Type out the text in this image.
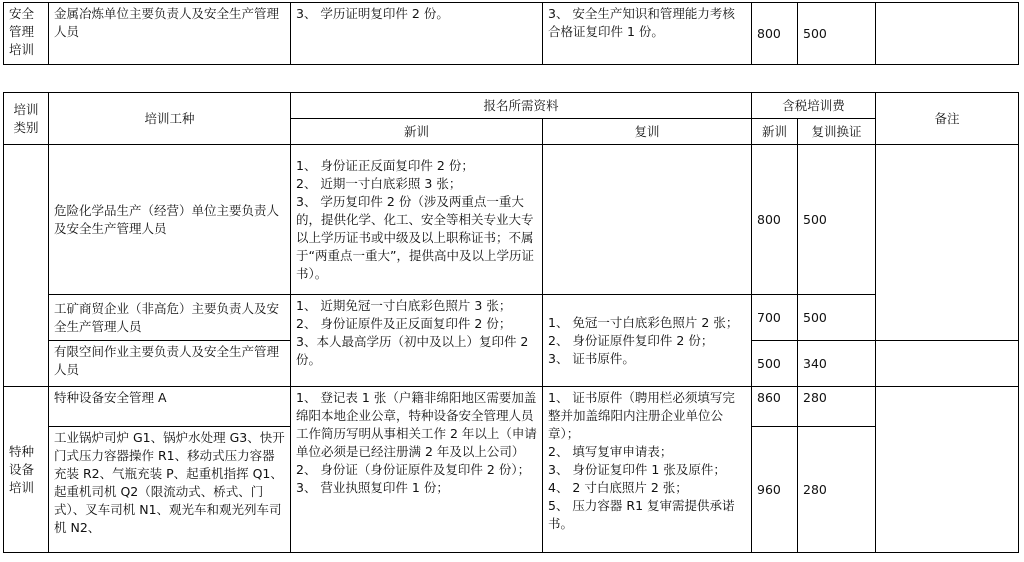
安全
管理
培训	金属冶炼单位主要负责人及安全生产管理人员	3、 学历证明复印件 2 份。	3、 安全生产知识和管理能力考核合格证复印件 1 份。	800	500	
培训
类别	培训工种	报名所需资料		含税培训费		备注
		新训	复训	新训	复训换证	
	危险化学品生产（经营）单位主要负责人及安全生产管理人员	1、 身份证正反面复印件 2 份；
2、 近期一寸白底彩照 3 张；
3、 学历复印件 2 份（涉及两重点一重大的，提供化学、化工、安全等相关专业大专以上学历证书或中级及以上职称证书；不属于“两重点一重大”，提供高中及以上学历证书）。		800	500	
	工矿商贸企业（非高危）主要负责人及安全生产管理人员	1、 近期免冠一寸白底彩色照片 3 张；
2、 身份证原件及正反面复印件 2 份；
3、本人最高学历（初中及以上）复印件 2 份。	1、 免冠一寸白底彩色照片 2 张；
2、 身份证原件复印件 2 份；
3、 证书原件。	700	500	
	有限空间作业主要负责人及安全生产管理人员			500	340	
特种
设备
培训	特种设备安全管理 A	1、 登记表 1 张（户籍非绵阳地区需要加盖绵阳本地企业公章，特种设备安全管理人员工作简历写明从事相关工作 2 年以上（申请单位必须是已经注册满 2 年及以上公司）
2、 身份证（身份证原件及复印件 2 份）；
3、 营业执照复印件 1 份；	1、 证书原件（聘用栏必须填写完整并加盖绵阳内注册企业单位公章）；
2、 填写复审申请表；
3、 身份证复印件 1 张及原件；
4、 2 寸白底照片 2 张；
5、 压力容器 R1 复审需提供承诺书。	860	280	
	工业锅炉司炉 G1、锅炉水处理 G3、快开门式压力容器操作 R1、移动式压力容器充装 R2、气瓶充装 P、起重机指挥 Q1、起重机司机 Q2（限流动式、桥式、门式）、叉车司机 N1、观光车和观光列车司机 N2、			960	280	
